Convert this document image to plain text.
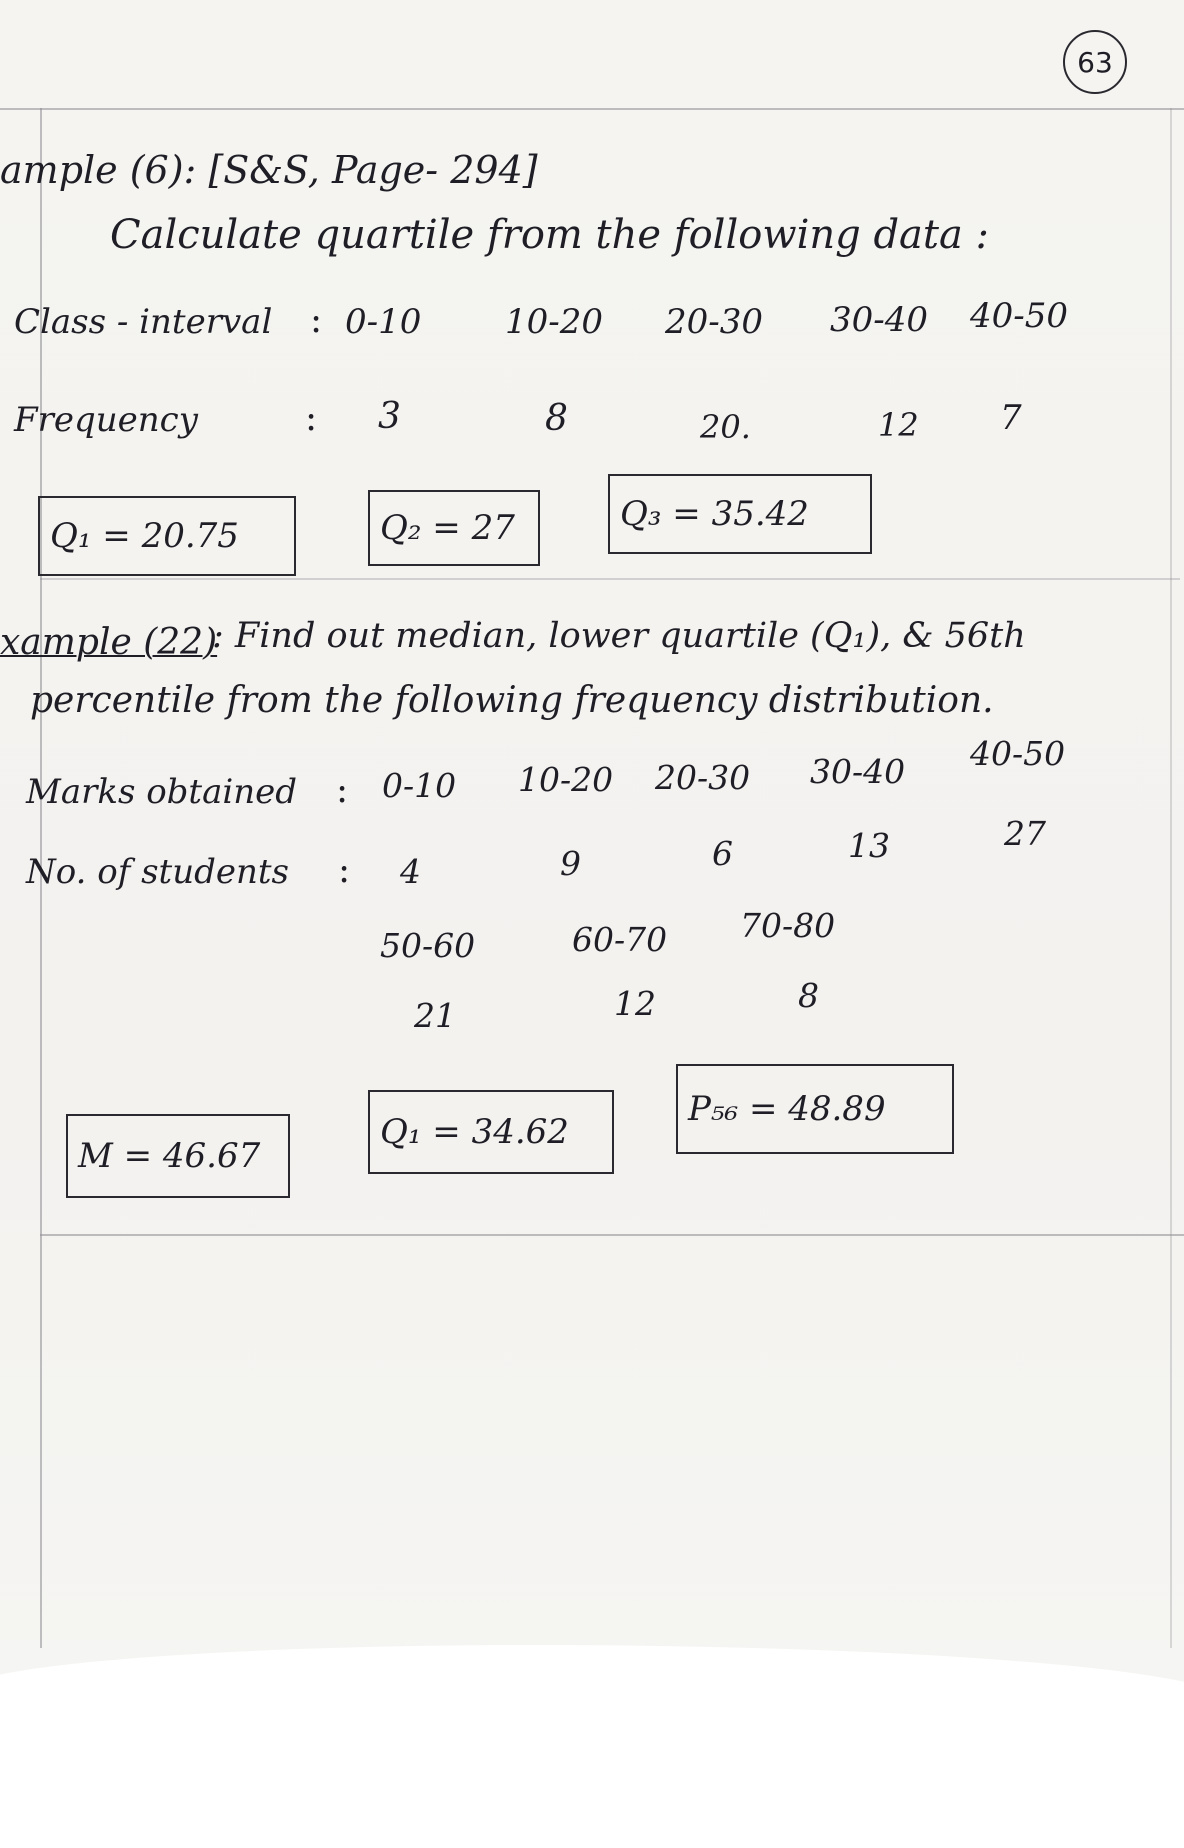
63
ample (6): [S&S, Page- 294]
Calculate quartile from the following data :
Class - interval : 0-10 10-20 20-30 30-40 40-50
Frequency	: 3	8	20.	12 7
Q₁ = 20.75	Q₂ = 27	Q₃ = 35.42
xample (22)
: Find out median, lower quartile (Q₁), & 56th
percentile from the following frequency distribution.
Marks obtained : 0-10 10-20 20-30 30-40 40-50
No. of students : 4	9	6	13	27
50-60	60-70 70-80
21	12	8
M = 46.67
Q₁ = 34.62
P₅₆ = 48.89
